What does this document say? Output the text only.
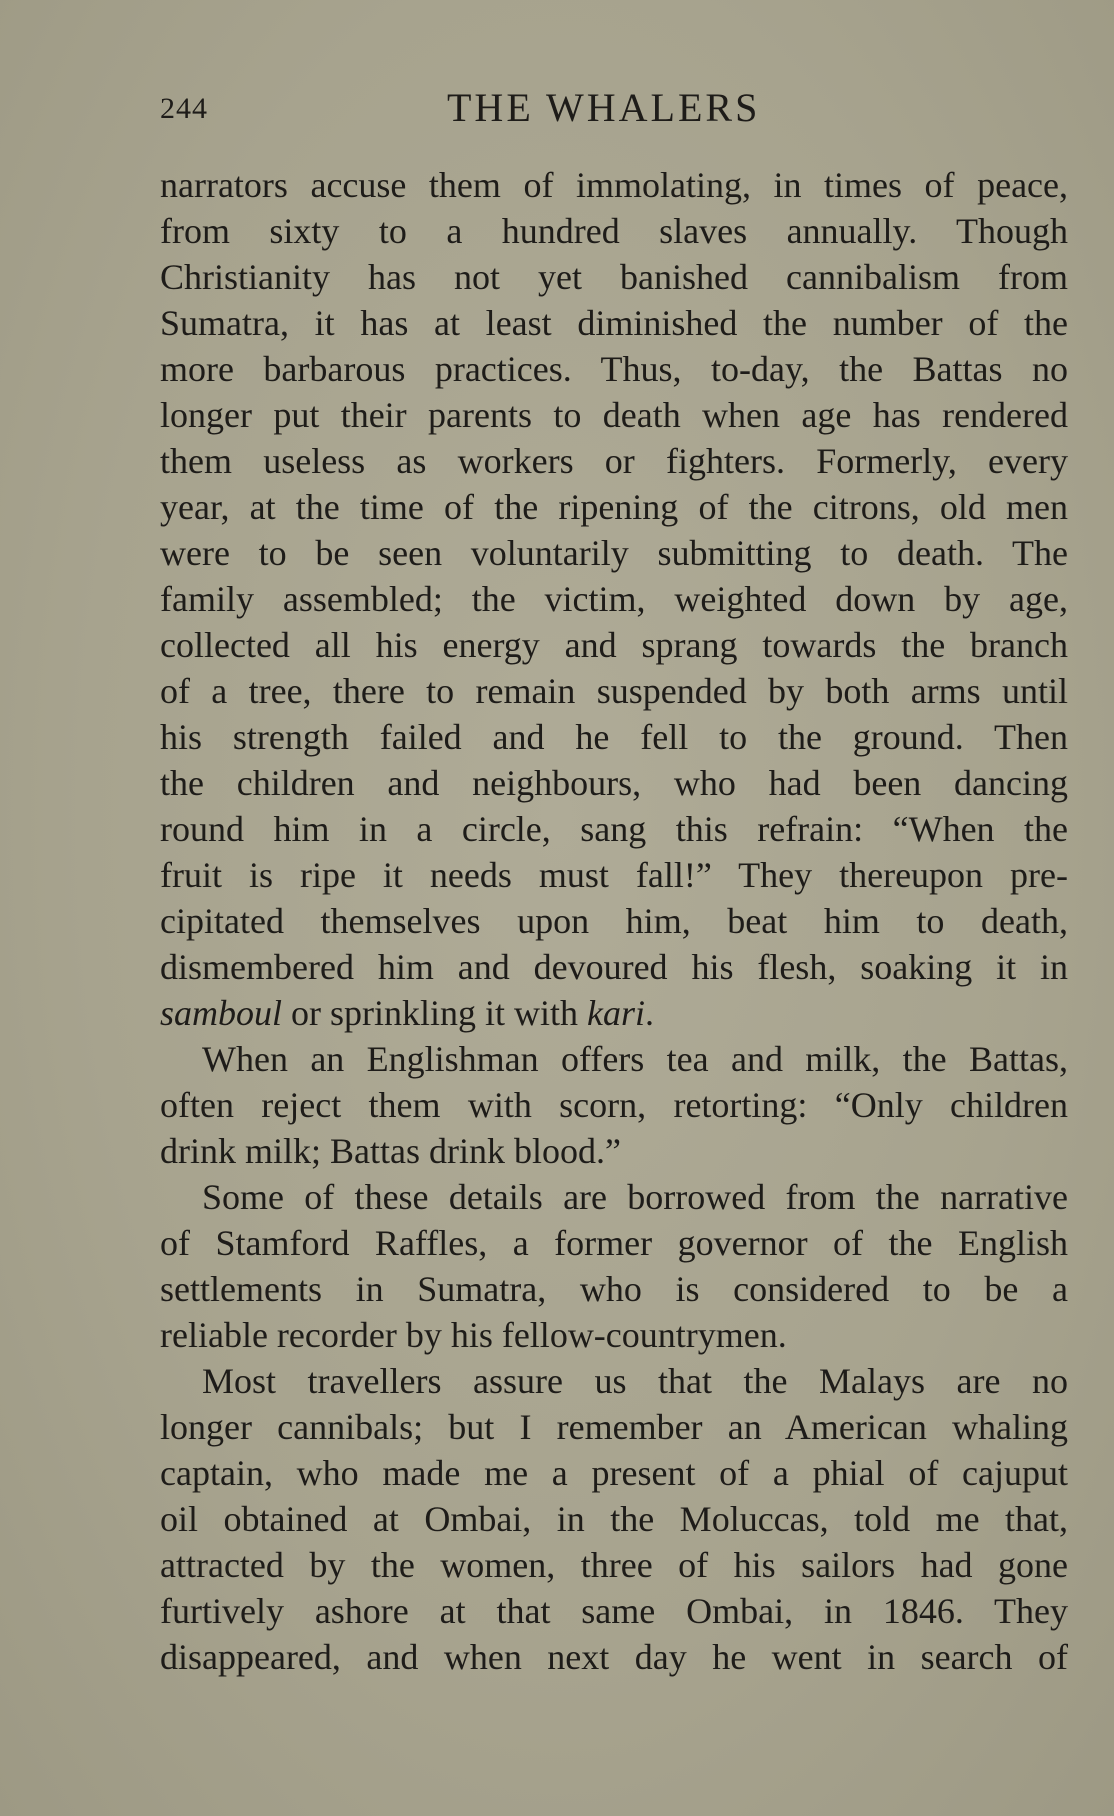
244	THE WHALERS
narrators accuse them of immolating, in times of peace,
from sixty to a hundred slaves annually. Though
Christianity has not yet banished cannibalism from
Sumatra, it has at least diminished the number of the
more barbarous practices. Thus, to-day, the Battas no
longer put their parents to death when age has rendered
them useless as workers or fighters. Formerly, every
year, at the time of the ripening of the citrons, old men
were to be seen voluntarily submitting to death. The
family assembled; the victim, weighted down by age,
collected all his energy and sprang towards the branch
of a tree, there to remain suspended by both arms until
his strength failed and he fell to the ground. Then
the children and neighbours, who had been dancing
round him in a circle, sang this refrain: “When the
fruit is ripe it needs must fall!” They thereupon pre-
cipitated themselves upon him, beat him to death,
dismembered him and devoured his flesh, soaking it in
samboul or sprinkling it with kari.
When an Englishman offers tea and milk, the Battas,
often reject them with scorn, retorting: “Only children
drink milk; Battas drink blood.”
Some of these details are borrowed from the narrative
of Stamford Raffles, a former governor of the English
settlements in Sumatra, who is considered to be a
reliable recorder by his fellow-countrymen.
Most travellers assure us that the Malays are no
longer cannibals; but I remember an American whaling
captain, who made me a present of a phial of cajuput
oil obtained at Ombai, in the Moluccas, told me that,
attracted by the women, three of his sailors had gone
furtively ashore at that same Ombai, in 1846. They
disappeared, and when next day he went in search of
